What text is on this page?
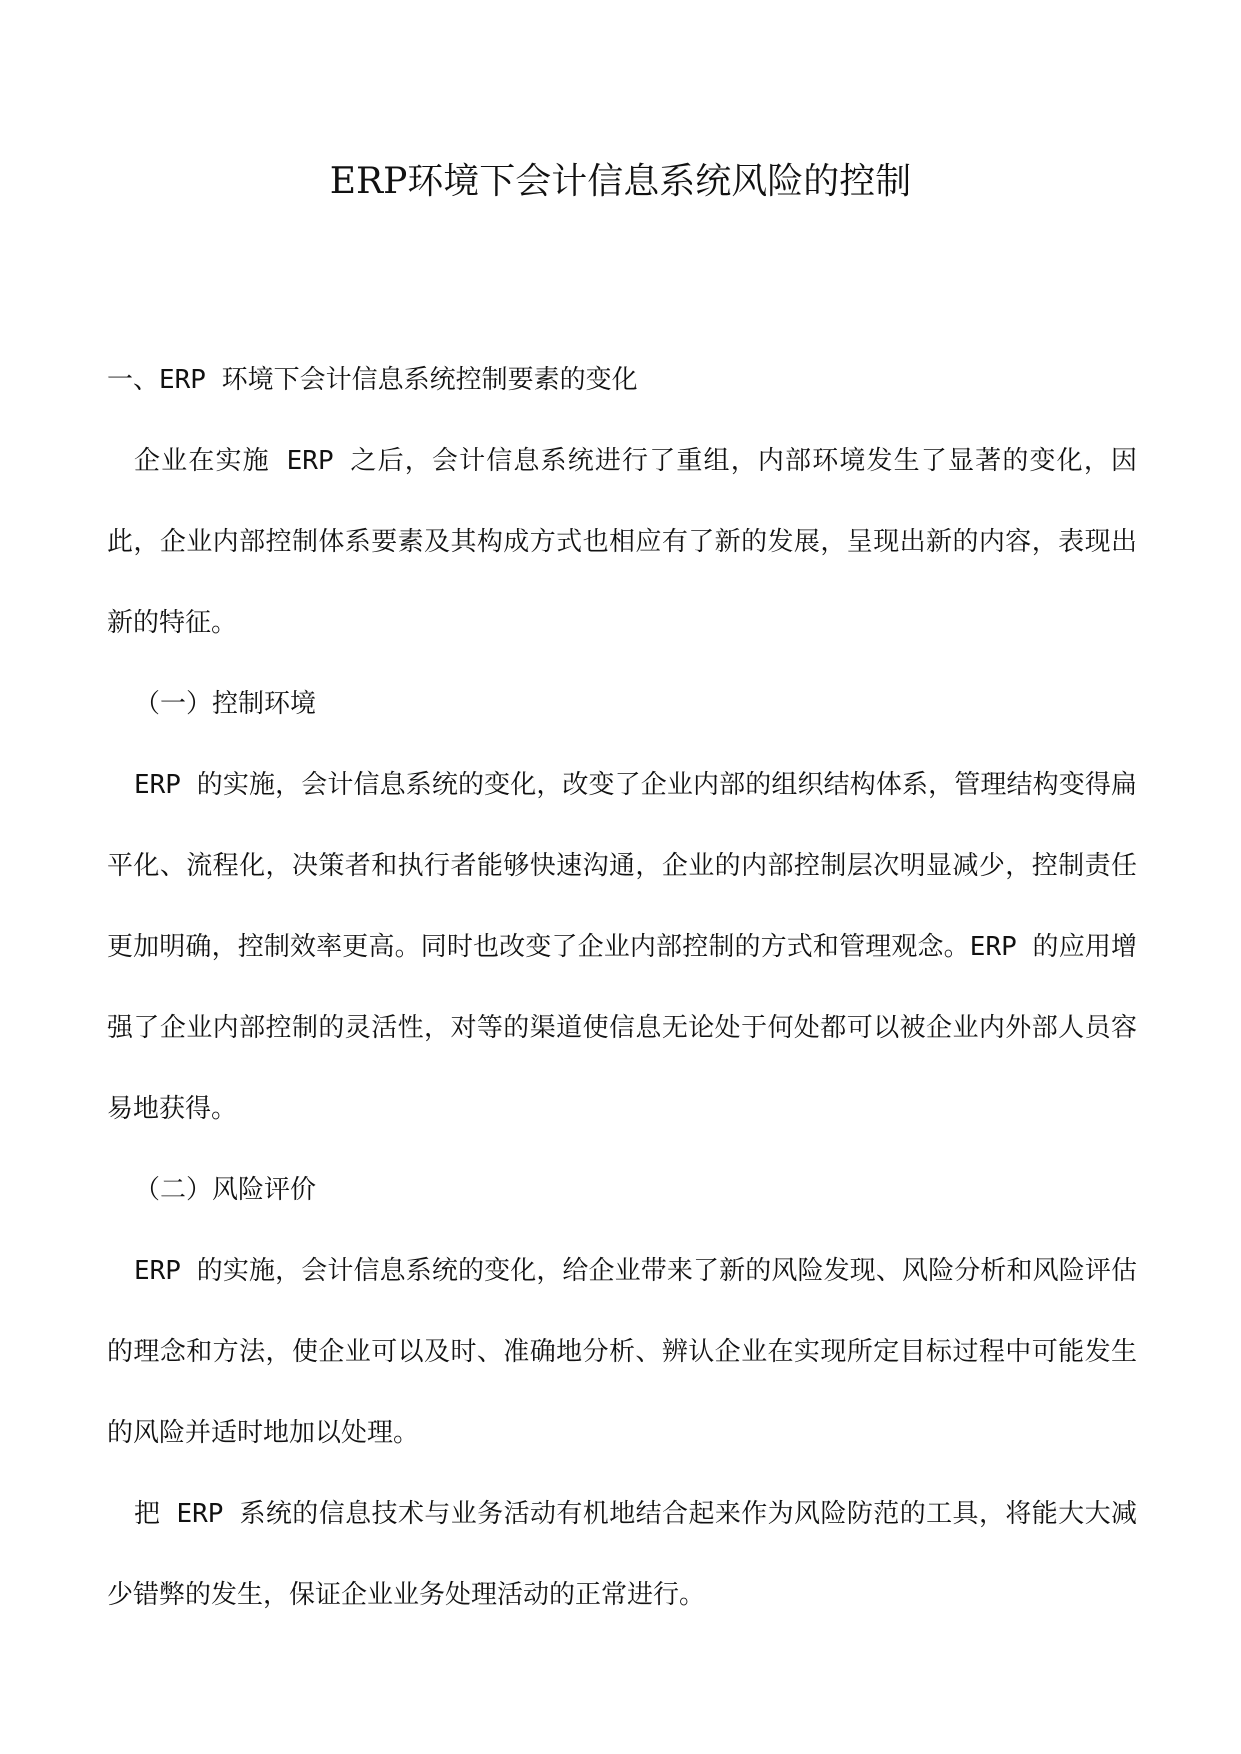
ERP环境下会计信息系统风险的控制

一、ERP 环境下会计信息系统控制要素的变化

企业在实施 ERP 之后，会计信息系统进行了重组，内部环境发生了显著的变化，因此，企业内部控制体系要素及其构成方式也相应有了新的发展，呈现出新的内容，表现出新的特征。

（一）控制环境

ERP 的实施，会计信息系统的变化，改变了企业内部的组织结构体系，管理结构变得扁平化、流程化，决策者和执行者能够快速沟通，企业的内部控制层次明显减少，控制责任更加明确，控制效率更高。同时也改变了企业内部控制的方式和管理观念。ERP 的应用增强了企业内部控制的灵活性，对等的渠道使信息无论处于何处都可以被企业内外部人员容易地获得。

（二）风险评价

ERP 的实施，会计信息系统的变化，给企业带来了新的风险发现、风险分析和风险评估的理念和方法，使企业可以及时、准确地分析、辨认企业在实现所定目标过程中可能发生的风险并适时地加以处理。

把 ERP 系统的信息技术与业务活动有机地结合起来作为风险防范的工具，将能大大减少错弊的发生，保证企业业务处理活动的正常进行。
